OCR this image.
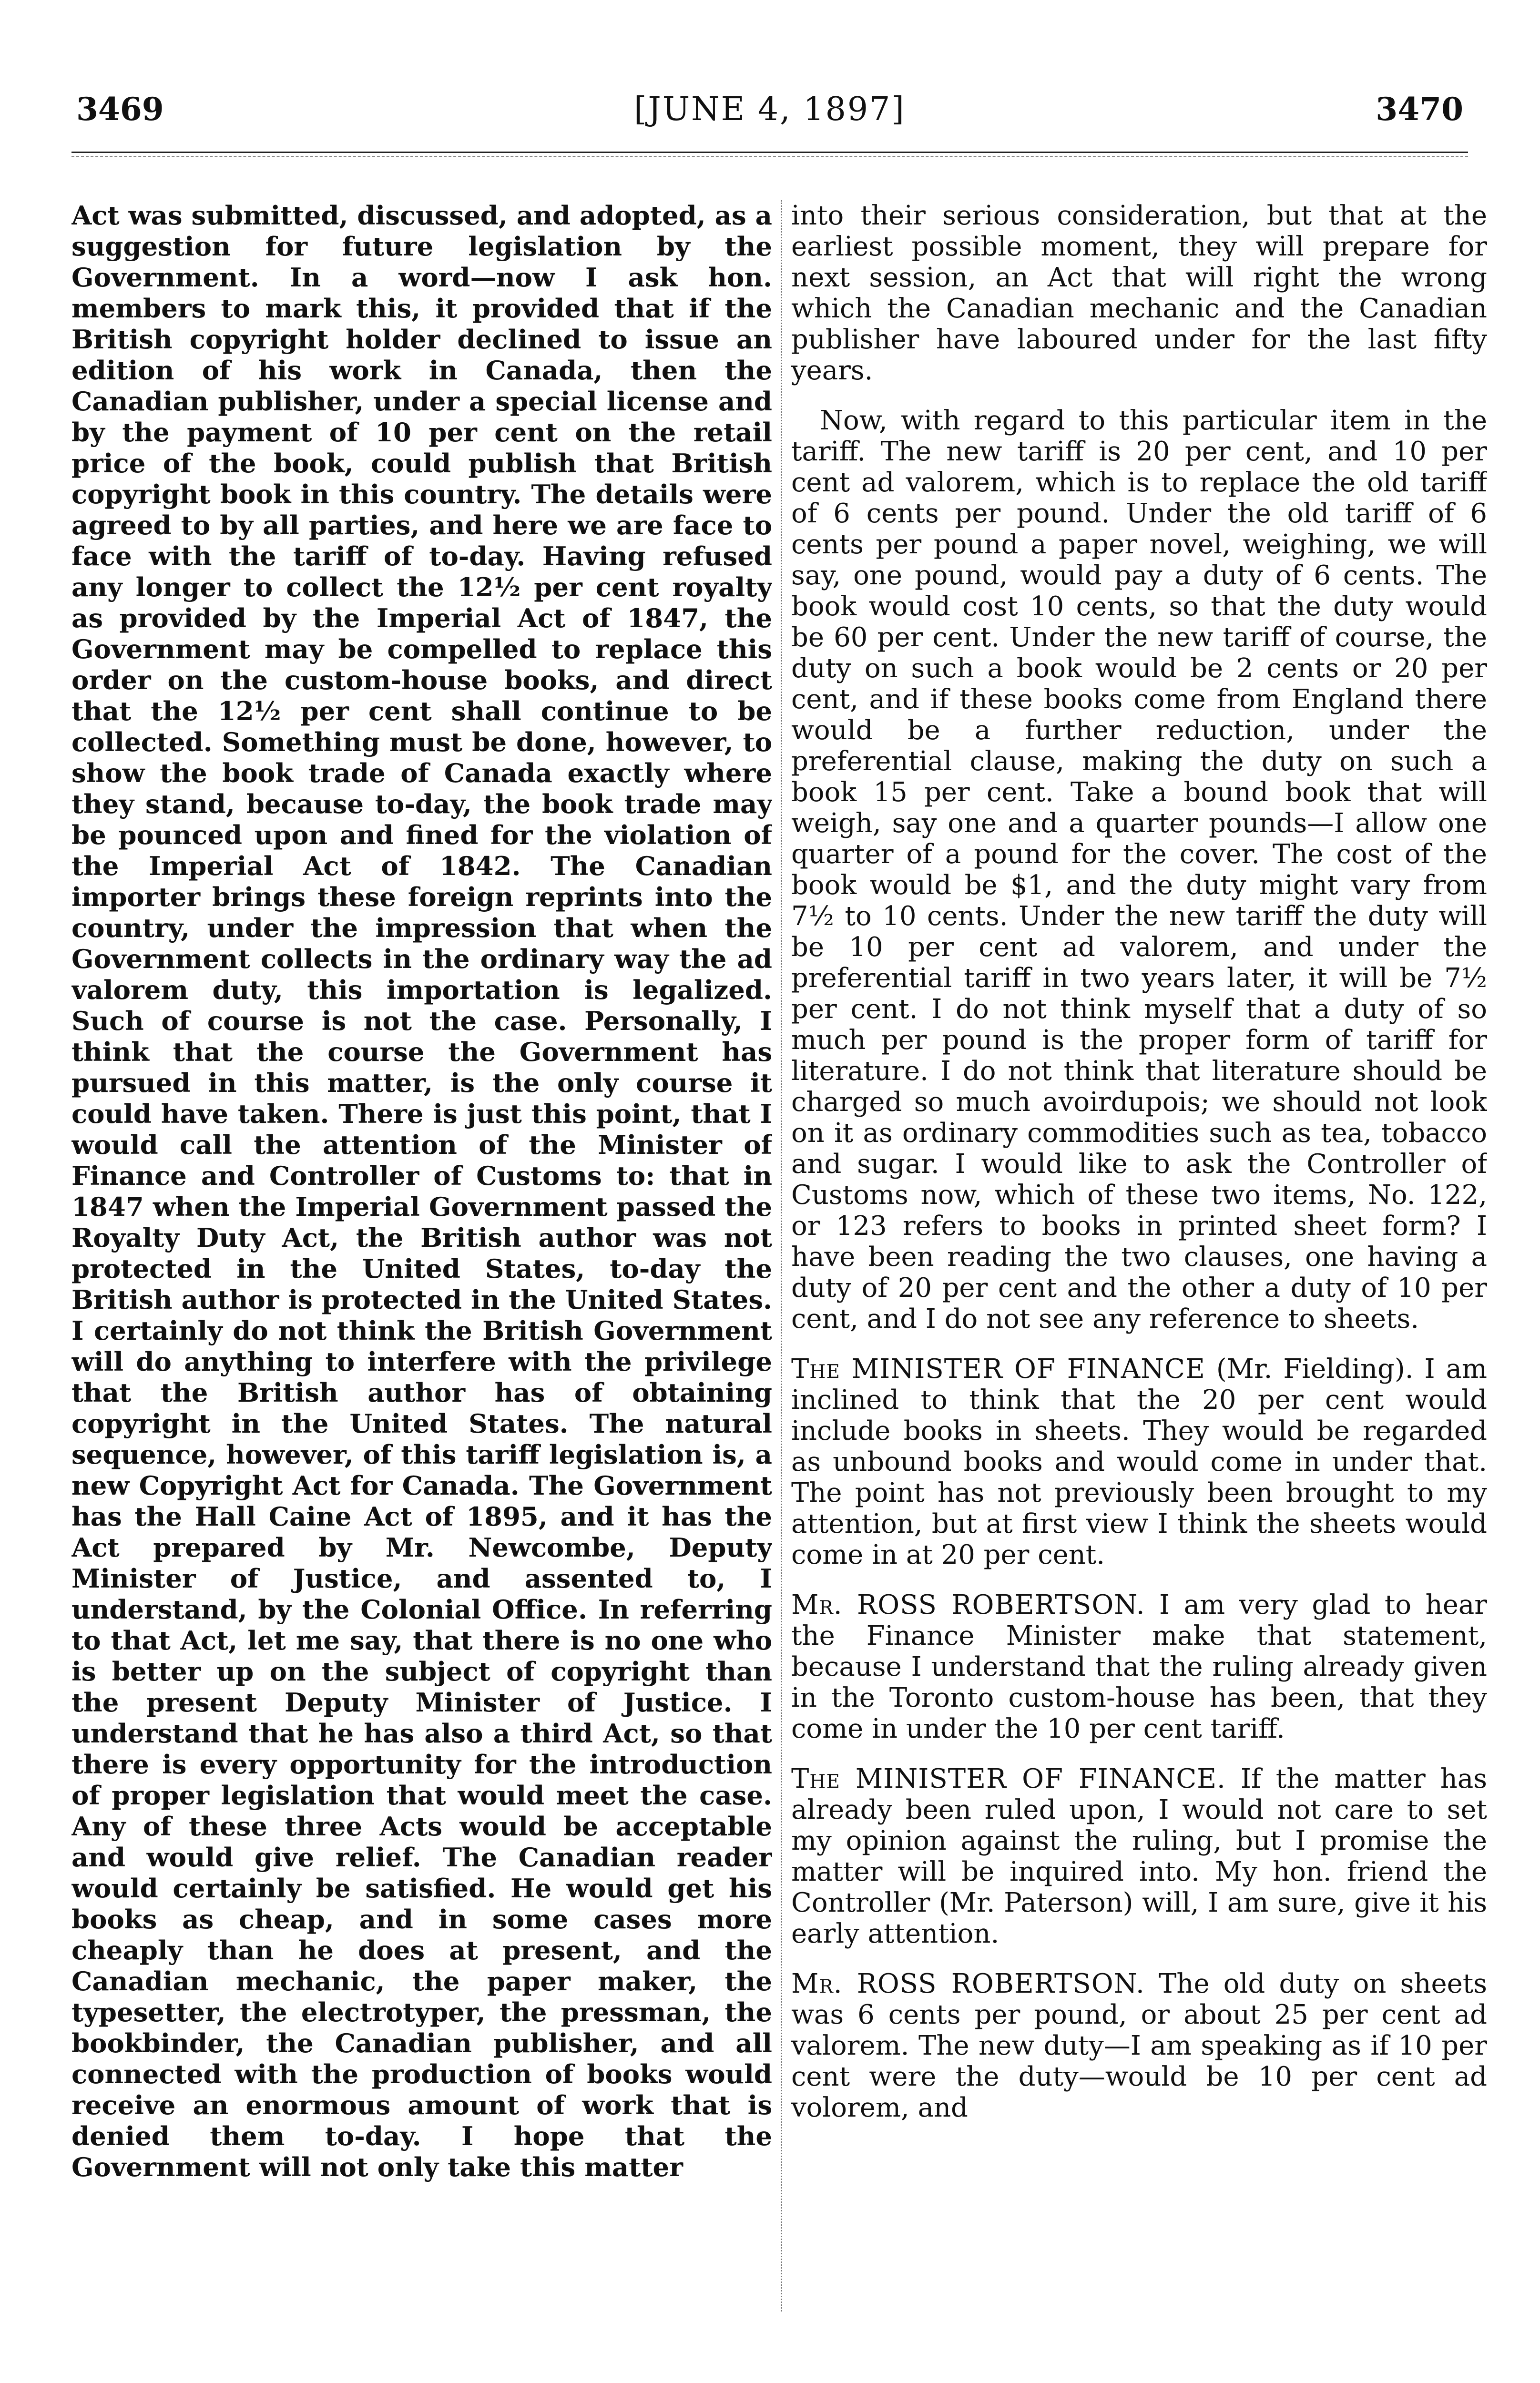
3469	[JUNE 4, 1897]	3470

Act was submitted, discussed, and adopted, as a suggestion for future legislation by the Government. In a word—now I ask hon. members to mark this, it provided that if the British copyright holder declined to issue an edition of his work in Canada, then the Canadian publisher, under a special license and by the payment of 10 per cent on the retail price of the book, could publish that British copyright book in this country. The details were agreed to by all parties, and here we are face to face with the tariff of to-day. Having refused any longer to collect the 12½ per cent royalty as provided by the Imperial Act of 1847, the Government may be compelled to replace this order on the custom-house books, and direct that the 12½ per cent shall continue to be collected. Something must be done, however, to show the book trade of Canada exactly where they stand, because to-day, the book trade may be pounced upon and fined for the violation of the Imperial Act of 1842. The Canadian importer brings these foreign reprints into the country, under the impression that when the Government collects in the ordinary way the ad valorem duty, this importation is legalized. Such of course is not the case. Personally, I think that the course the Government has pursued in this matter, is the only course it could have taken. There is just this point, that I would call the attention of the Minister of Finance and Controller of Customs to: that in 1847 when the Imperial Government passed the Royalty Duty Act, the British author was not protected in the United States, to-day the British author is protected in the United States. I certainly do not think the British Government will do anything to interfere with the privilege that the British author has of obtaining copyright in the United States. The natural sequence, however, of this tariff legislation is, a new Copyright Act for Canada. The Government has the Hall Caine Act of 1895, and it has the Act prepared by Mr. Newcombe, Deputy Minister of Justice, and assented to, I understand, by the Colonial Office. In referring to that Act, let me say, that there is no one who is better up on the subject of copyright than the present Deputy Minister of Justice. I understand that he has also a third Act, so that there is every opportunity for the introduction of proper legislation that would meet the case. Any of these three Acts would be acceptable and would give relief. The Canadian reader would certainly be satisfied. He would get his books as cheap, and in some cases more cheaply than he does at present, and the Canadian mechanic, the paper maker, the typesetter, the electrotyper, the pressman, the bookbinder, the Canadian publisher, and all connected with the production of books would receive an enormous amount of work that is denied them to-day. I hope that the Government will not only take this matter

into their serious consideration, but that at the earliest possible moment, they will prepare for next session, an Act that will right the wrong which the Canadian mechanic and the Canadian publisher have laboured under for the last fifty years.

Now, with regard to this particular item in the tariff. The new tariff is 20 per cent, and 10 per cent ad valorem, which is to replace the old tariff of 6 cents per pound. Under the old tariff of 6 cents per pound a paper novel, weighing, we will say, one pound, would pay a duty of 6 cents. The book would cost 10 cents, so that the duty would be 60 per cent. Under the new tariff of course, the duty on such a book would be 2 cents or 20 per cent, and if these books come from England there would be a further reduction, under the preferential clause, making the duty on such a book 15 per cent. Take a bound book that will weigh, say one and a quarter pounds—I allow one quarter of a pound for the cover. The cost of the book would be $1, and the duty might vary from 7½ to 10 cents. Under the new tariff the duty will be 10 per cent ad valorem, and under the preferential tariff in two years later, it will be 7½ per cent. I do not think myself that a duty of so much per pound is the proper form of tariff for literature. I do not think that literature should be charged so much avoirdupois; we should not look on it as ordinary commodities such as tea, tobacco and sugar. I would like to ask the Controller of Customs now, which of these two items, No. 122, or 123 refers to books in printed sheet form? I have been reading the two clauses, one having a duty of 20 per cent and the other a duty of 10 per cent, and I do not see any reference to sheets.

The MINISTER OF FINANCE (Mr. Fielding). I am inclined to think that the 20 per cent would include books in sheets. They would be regarded as unbound books and would come in under that. The point has not previously been brought to my attention, but at first view I think the sheets would come in at 20 per cent.

Mr. ROSS ROBERTSON. I am very glad to hear the Finance Minister make that statement, because I understand that the ruling already given in the Toronto custom-house has been, that they come in under the 10 per cent tariff.

The MINISTER OF FINANCE. If the matter has already been ruled upon, I would not care to set my opinion against the ruling, but I promise the matter will be inquired into. My hon. friend the Controller (Mr. Paterson) will, I am sure, give it his early attention.

Mr. ROSS ROBERTSON. The old duty on sheets was 6 cents per pound, or about 25 per cent ad valorem. The new duty—I am speaking as if 10 per cent were the duty—would be 10 per cent ad volorem, and
